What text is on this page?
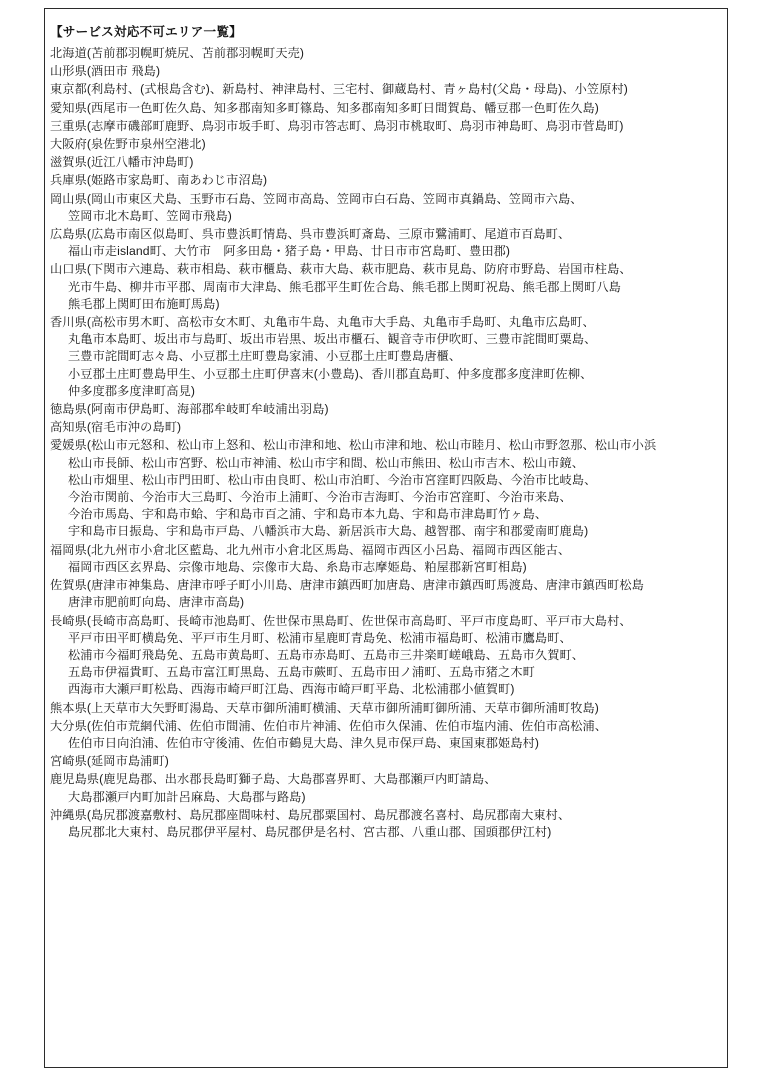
【サービス対応不可エリア一覧】
北海道(苫前郡羽幌町焼尻、苫前郡羽幌町天売)
山形県(酒田市 飛島)
東京都(利島村、(式根島含む)、新島村、神津島村、三宅村、御蔵島村、青ヶ島村(父島・母島)、小笠原村)
愛知県(西尾市一色町佐久島、知多郡南知多町篠島、知多郡南知多町日間賀島、幡豆郡一色町佐久島)
三重県(志摩市磯部町鹿野、鳥羽市坂手町、鳥羽市答志町、鳥羽市桃取町、鳥羽市神島町、鳥羽市菅島町)
大阪府(泉佐野市泉州空港北)
滋賀県(近江八幡市沖島町)
兵庫県(姫路市家島町、南あわじ市沼島)
岡山県(岡山市東区犬島、玉野市石島、笠岡市高島、笠岡市白石島、笠岡市真鍋島、笠岡市六島、
笠岡市北木島町、笠岡市飛島)
広島県(広島市南区似島町、呉市豊浜町情島、呉市豊浜町斎島、三原市鷺浦町、尾道市百島町、
福山市走island町、大竹市　阿多田島・猪子島・甲島、廿日市市宮島町、豊田郡)
山口県(下関市六連島、萩市相島、萩市櫃島、萩市大島、萩市肥島、萩市見島、防府市野島、岩国市柱島、
光市牛島、柳井市平郡、周南市大津島、熊毛郡平生町佐合島、熊毛郡上関町祝島、熊毛郡上関町八島
熊毛郡上関町田布施町馬島)
香川県(高松市男木町、高松市女木町、丸亀市牛島、丸亀市大手島、丸亀市手島町、丸亀市広島町、
丸亀市本島町、坂出市与島町、坂出市岩黒、坂出市櫃石、観音寺市伊吹町、三豊市詫間町粟島、
三豊市詫間町志々島、小豆郡土庄町豊島家浦、小豆郡土庄町豊島唐櫃、
小豆郡土庄町豊島甲生、小豆郡土庄町伊喜末(小豊島)、香川郡直島町、仲多度郡多度津町佐柳、
仲多度郡多度津町高見)
徳島県(阿南市伊島町、海部郡牟岐町牟岐浦出羽島)
高知県(宿毛市沖の島町)
愛媛県(松山市元怒和、松山市上怒和、松山市津和地、松山市津和地、松山市睦月、松山市野忽那、松山市小浜
松山市長師、松山市宮野、松山市神浦、松山市宇和間、松山市熊田、松山市吉木、松山市鏡、
松山市畑里、松山市門田町、松山市由良町、松山市泊町、今治市宮窪町四阪島、今治市比岐島、
今治市関前、今治市大三島町、今治市上浦町、今治市吉海町、今治市宮窪町、今治市来島、
今治市馬島、宇和島市蛤、宇和島市百之浦、宇和島市本九島、宇和島市津島町竹ヶ島、
宇和島市日振島、宇和島市戸島、八幡浜市大島、新居浜市大島、越智郡、南宇和郡愛南町鹿島)
福岡県(北九州市小倉北区藍島、北九州市小倉北区馬島、福岡市西区小呂島、福岡市西区能古、
福岡市西区玄界島、宗像市地島、宗像市大島、糸島市志摩姫島、粕屋郡新宮町相島)
佐賀県(唐津市神集島、唐津市呼子町小川島、唐津市鎮西町加唐島、唐津市鎮西町馬渡島、唐津市鎮西町松島
唐津市肥前町向島、唐津市高島)
長崎県(長崎市高島町、長崎市池島町、佐世保市黒島町、佐世保市高島町、平戸市度島町、平戸市大島村、
平戸市田平町横島免、平戸市生月町、松浦市星鹿町青島免、松浦市福島町、松浦市鷹島町、
松浦市今福町飛島免、五島市黄島町、五島市赤島町、五島市三井楽町嵯峨島、五島市久賀町、
五島市伊福貴町、五島市富江町黒島、五島市蕨町、五島市田ノ浦町、五島市猪之木町
西海市大瀬戸町松島、西海市崎戸町江島、西海市崎戸町平島、北松浦郡小値賀町)
熊本県(上天草市大矢野町湯島、天草市御所浦町横浦、天草市御所浦町御所浦、天草市御所浦町牧島)
大分県(佐伯市荒網代浦、佐伯市間浦、佐伯市片神浦、佐伯市久保浦、佐伯市塩内浦、佐伯市高松浦、
佐伯市日向泊浦、佐伯市守後浦、佐伯市鶴見大島、津久見市保戸島、東国東郡姫島村)
宮崎県(延岡市島浦町)
鹿児島県(鹿児島郡、出水郡長島町獅子島、大島郡喜界町、大島郡瀬戸内町請島、
大島郡瀬戸内町加計呂麻島、大島郡与路島)
沖縄県(島尻郡渡嘉敷村、島尻郡座間味村、島尻郡粟国村、島尻郡渡名喜村、島尻郡南大東村、
島尻郡北大東村、島尻郡伊平屋村、島尻郡伊是名村、宮古郡、八重山郡、国頭郡伊江村)
